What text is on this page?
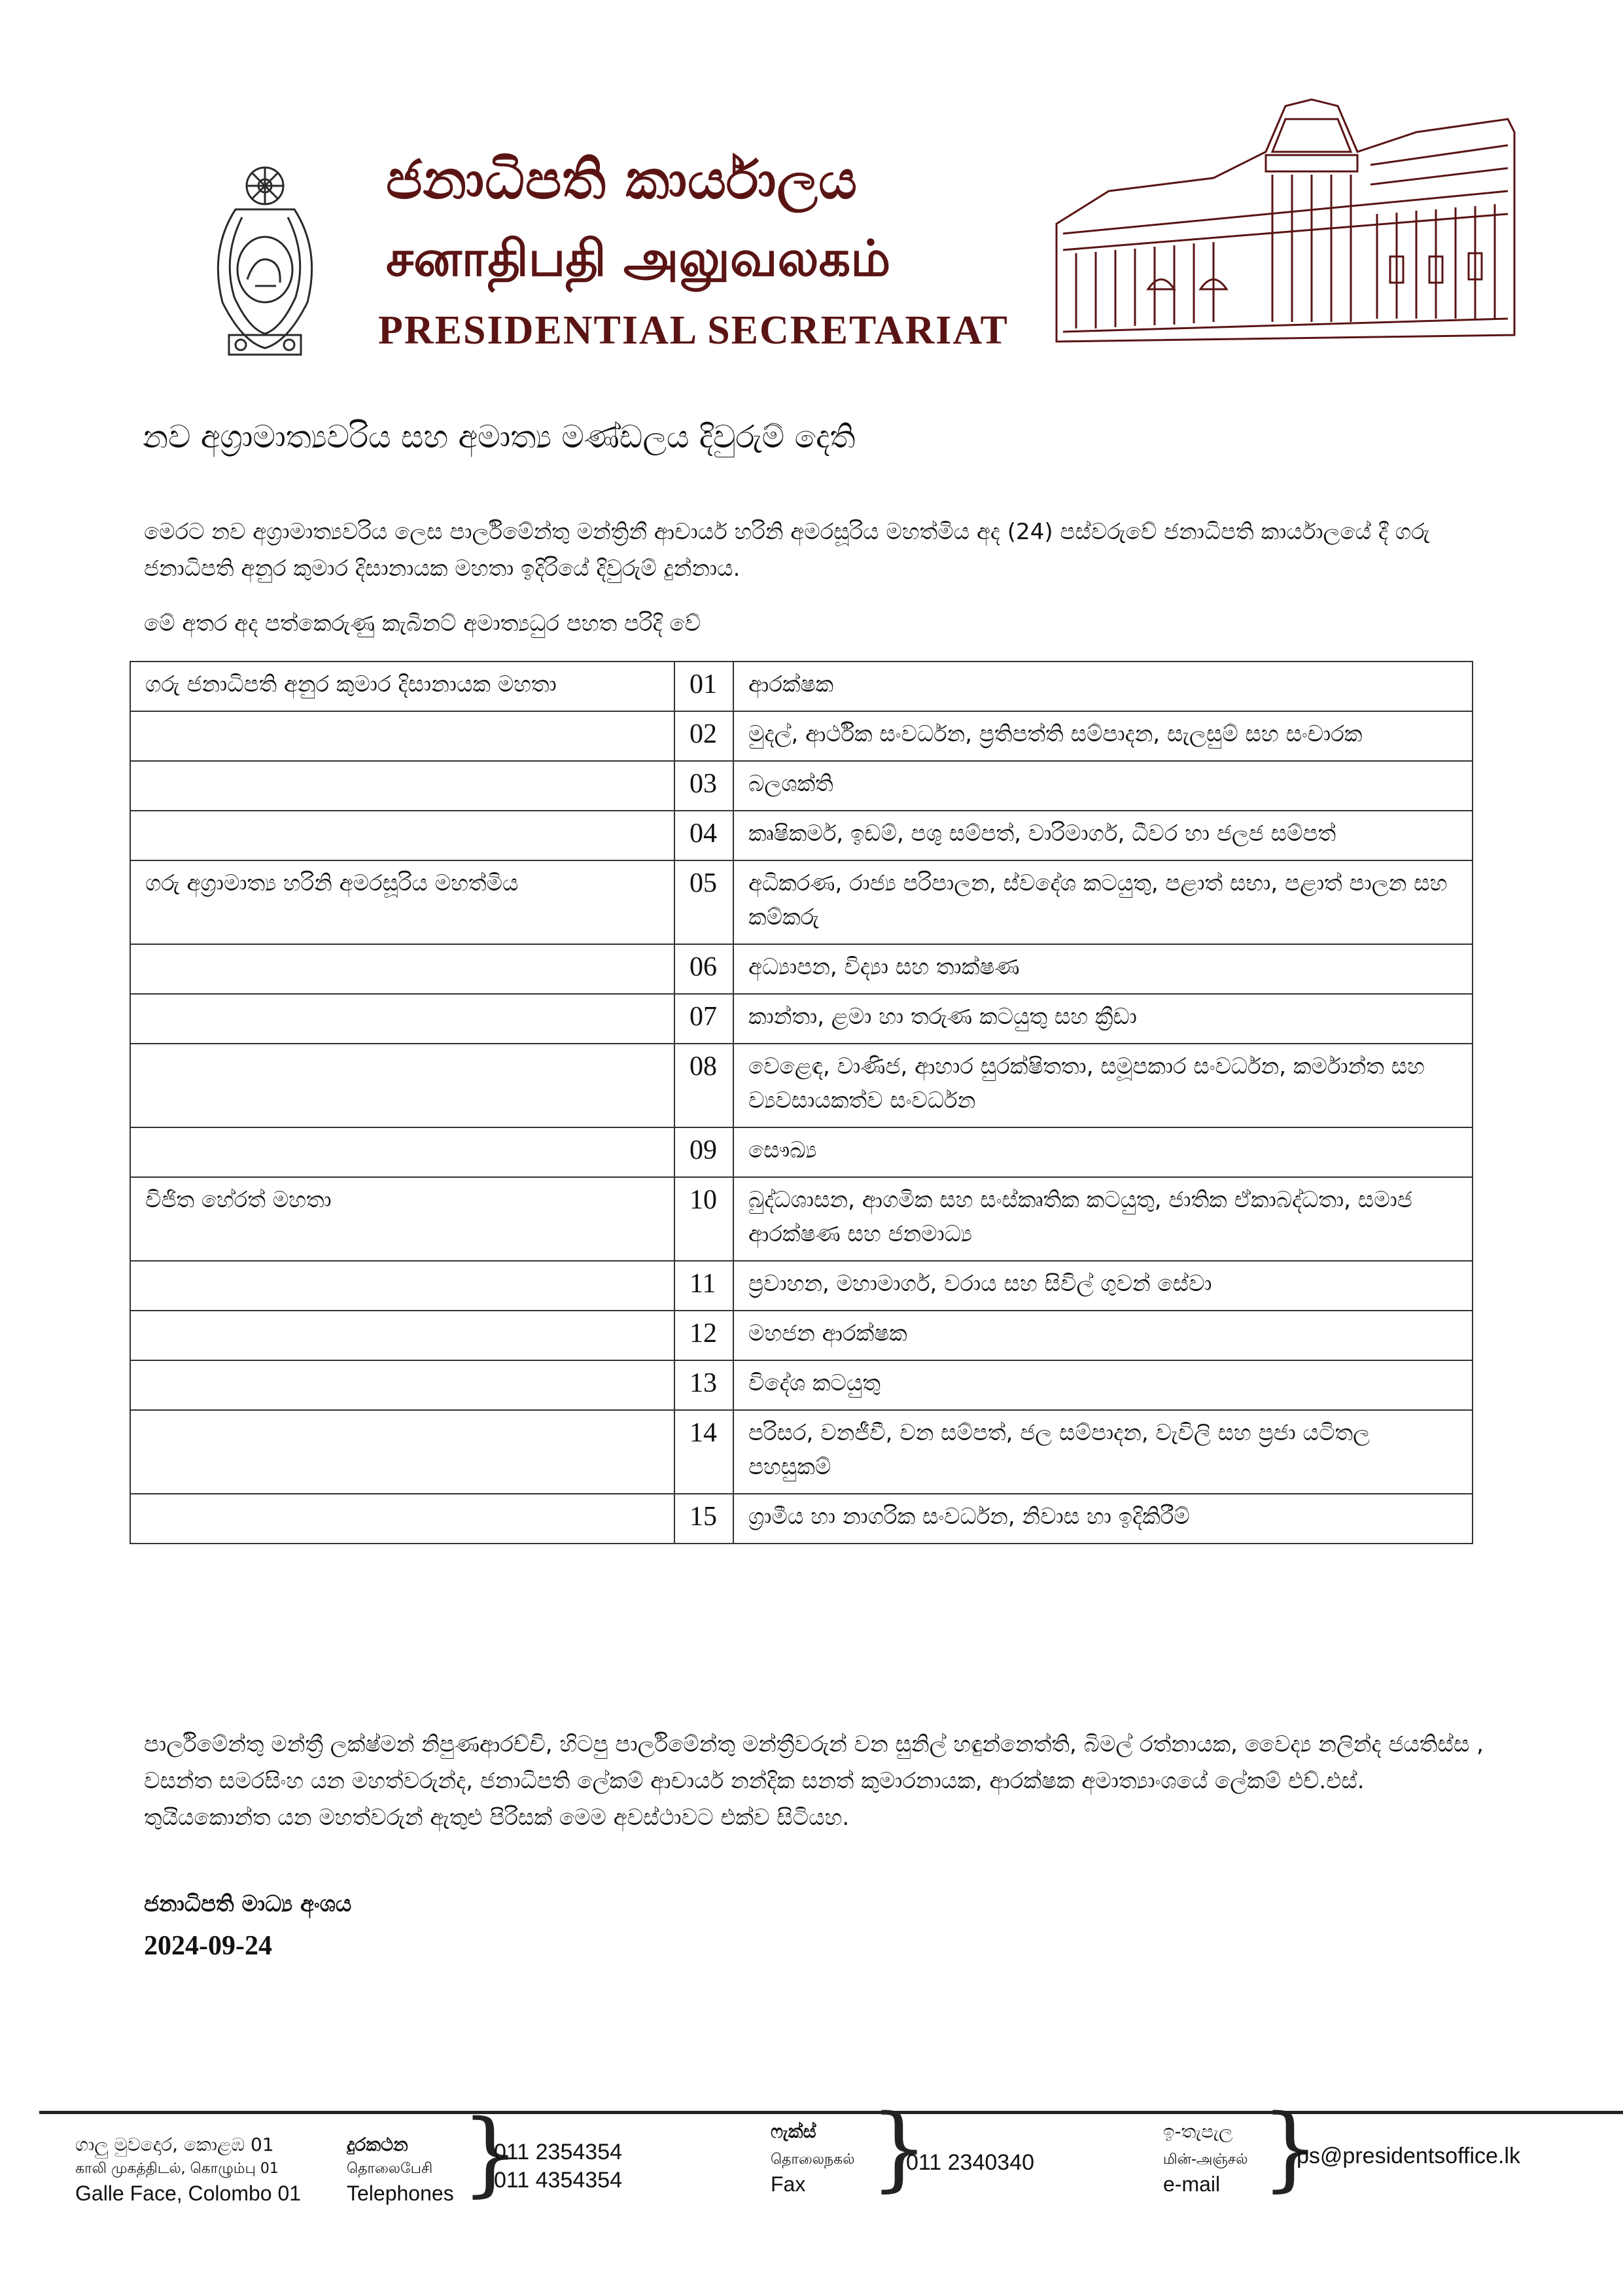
ජනාධිපති කාර්යාලය
சனாதிபதி அலுவலகம்
PRESIDENTIAL SECRETARIAT
නව අග්‍රාමාත්‍යවරිය සහ අමාත්‍ය මණ්ඩලය දිවුරුම් දෙති
මෙරට නව අග්‍රාමාත්‍යවරිය ලෙස පාර්ලිමේන්තු මන්ත්‍රිනී ආචාර්ය හරිනි අමරසූරිය මහත්මිය අද (24) පස්වරුවේ ජනාධිපති කාර්යාලයේ දී ගරු ජනාධිපති අනුර කුමාර දිසානායක මහතා ඉදිරියේ දිවුරුම් දුන්නාය.
මේ අතර අද පත්කෙරුණු කැබිනට් අමාත්‍යධුර පහත පරිදි වේ
ගරු ජනාධිපති අනුර කුමාර දිසානායක මහතා	01	ආරක්ෂක
	02	මුදල්, ආර්ථික සංවර්ධන, ප්‍රතිපත්ති සම්පාදන, සැලසුම් සහ සංචාරක
	03	බලශක්ති
	04	කෘෂිකර්ම, ඉඩම්, පශු සම්පත්, වාරිමාර්ග, ධීවර හා ජලජ සම්පත්
ගරු අග්‍රාමාත්‍ය හරිනි අමරසූරිය මහත්මිය	05	අධිකරණ, රාජ්‍ය පරිපාලන, ස්වදේශ කටයුතු, පළාත් සභා, පළාත් පාලන සහ කම්කරු
	06	අධ්‍යාපන, විද්‍යා සහ තාක්ෂණ
	07	කාන්තා, ළමා හා තරුණ කටයුතු සහ ක්‍රීඩා
	08	වෙළෙඳ, වාණිජ, ආහාර සුරක්ෂිතතා, සමූපකාර සංවර්ධන, කර්මාන්ත සහ ව්‍යවසායකත්ව සංවර්ධන
	09	සෞඛ්‍ය
විජිත හේරත් මහතා	10	බුද්ධශාසන, ආගමික සහ සංස්කෘතික කටයුතු, ජාතික ඒකාබද්ධතා, සමාජ ආරක්ෂණ සහ ජනමාධ්‍ය
	11	ප්‍රවාහන, මහාමාර්ග, වරාය සහ සිවිල් ගුවන් සේවා
	12	මහජන ආරක්ෂක
	13	විදේශ කටයුතු
	14	පරිසර, වනජීවී, වන සම්පත්, ජල සම්පාදන, වැවිලි සහ ප්‍රජා යටිතල පහසුකම්
	15	ග්‍රාමීය හා නාගරික සංවර්ධන, නිවාස හා ඉදිකිරීම්
පාර්ලිමේන්තු මන්ත්‍රී ලක්ෂ්මන් නිපුණආරච්චි, හිටපු පාර්ලිමේන්තු මන්ත්‍රීවරුන් වන සුනිල් හඳුන්නෙත්ති, බිමල් රත්නායක, වෛද්‍ය නලින්ද ජයතිස්ස , වසන්ත සමරසිංහ යන මහත්වරුන්ද, ජනාධිපති ලේකම් ආචාර්ය නන්දික සනත් කුමාරනායක, ආරක්ෂක අමාත්‍යාංශයේ ලේකම් එච්.එස්. තුයියකොන්ත යන මහත්වරුන් ඇතුළු පිරිසක් මෙම අවස්ථාවට එක්ව සිටියහ.
ජනාධිපති මාධ්‍ය අංශය
2024-09-24
ගාලු මුවදොර, කොළඹ 01
காலி முகத்திடல், கொழும்பு 01
Galle Face, Colombo 01
දුරකථන
தொலைபேசி
Telephones }
011 2354354
011 4354354
ෆැක්ස්
தொலைநகல்
Fax }
011 2340340
ඉ-තැපැල
மின்-அஞ்சல்
e-mail }
ps@presidentsoffice.lk
